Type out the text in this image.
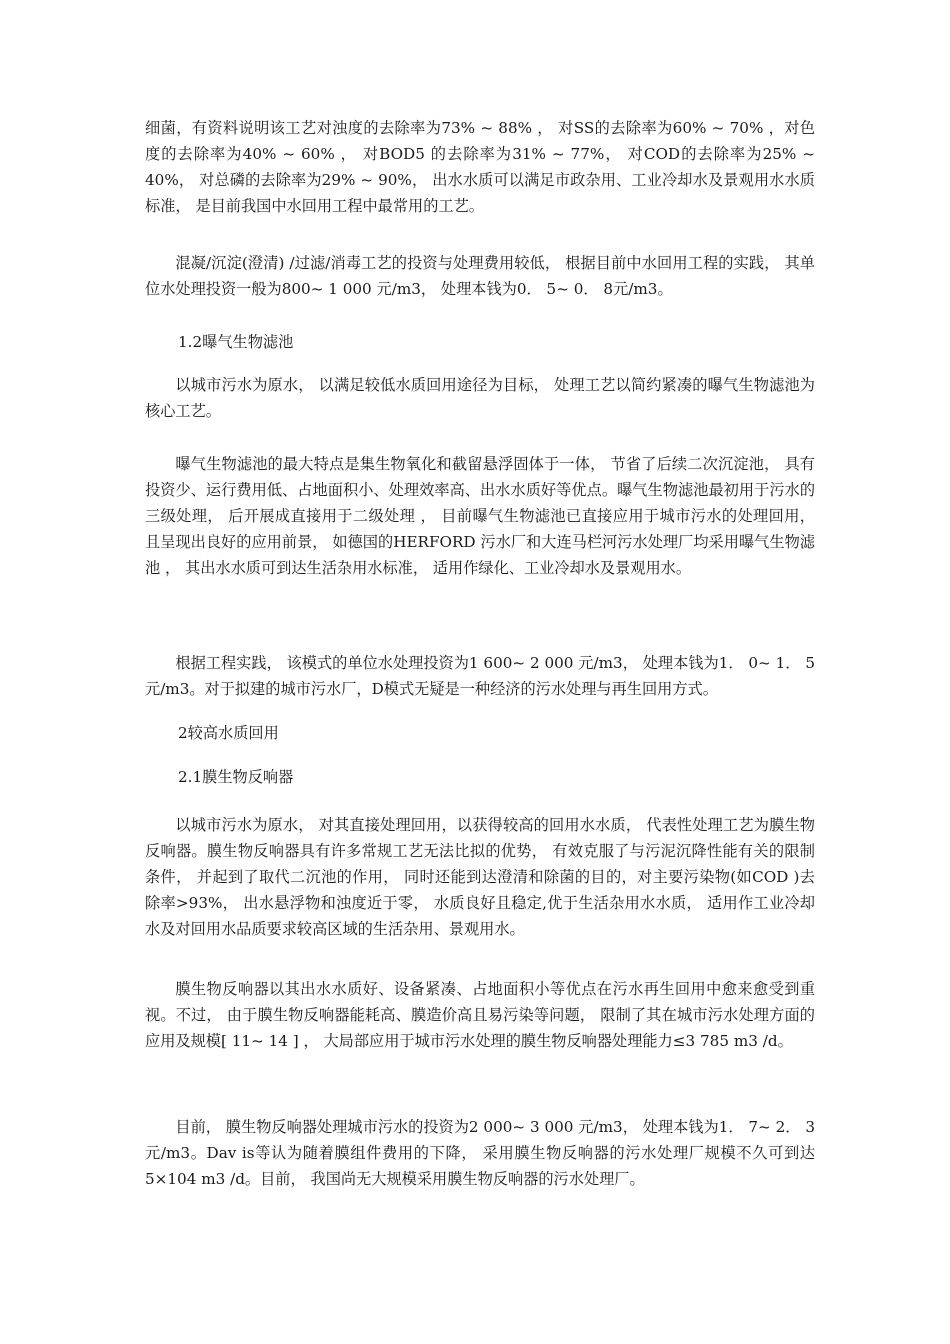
细菌，有资料说明该工艺对浊度的去除率为73% ~ 88% ， 对SS的去除率为60% ~ 70% ，对色度的去除率为40% ~ 60% ， 对BOD5 的去除率为31% ~ 77%， 对COD的去除率为25% ~ 40%， 对总磷的去除率为29% ~ 90%， 出水水质可以满足市政杂用、工业冷却水及景观用水水质标准， 是目前我国中水回用工程中最常用的工艺。

混凝/沉淀(澄清) /过滤/消毒工艺的投资与处理费用较低， 根据目前中水回用工程的实践， 其单位水处理投资一般为800~ 1 000 元/m3， 处理本钱为0． 5~ 0． 8元/m3。

1.2曝气生物滤池

以城市污水为原水， 以满足较低水质回用途径为目标， 处理工艺以简约紧凑的曝气生物滤池为核心工艺。

曝气生物滤池的最大特点是集生物氧化和截留悬浮固体于一体， 节省了后续二次沉淀池， 具有投资少、运行费用低、占地面积小、处理效率高、出水水质好等优点。曝气生物滤池最初用于污水的三级处理， 后开展成直接用于二级处理 ， 目前曝气生物滤池已直接应用于城市污水的处理回用， 且呈现出良好的应用前景， 如德国的HERFORD 污水厂和大连马栏河污水处理厂均采用曝气生物滤池 ， 其出水水质可到达生活杂用水标准， 适用作绿化、工业冷却水及景观用水。

根据工程实践， 该模式的单位水处理投资为1 600~ 2 000 元/m3， 处理本钱为1． 0~ 1． 5 元/m3。对于拟建的城市污水厂，D模式无疑是一种经济的污水处理与再生回用方式。

2较高水质回用

2.1膜生物反响器

以城市污水为原水， 对其直接处理回用，以获得较高的回用水水质， 代表性处理工艺为膜生物反响器。膜生物反响器具有许多常规工艺无法比拟的优势， 有效克服了与污泥沉降性能有关的限制条件， 并起到了取代二沉池的作用， 同时还能到达澄清和除菌的目的，对主要污染物(如COD )去除率>93%， 出水悬浮物和浊度近于零， 水质良好且稳定,优于生活杂用水水质， 适用作工业冷却水及对回用水品质要求较高区域的生活杂用、景观用水。

膜生物反响器以其出水水质好、设备紧凑、占地面积小等优点在污水再生回用中愈来愈受到重视。不过， 由于膜生物反响器能耗高、膜造价高且易污染等问题， 限制了其在城市污水处理方面的应用及规模[ 11~ 14 ] ， 大局部应用于城市污水处理的膜生物反响器处理能力≤3 785 m3 /d。

目前， 膜生物反响器处理城市污水的投资为2 000~ 3 000 元/m3， 处理本钱为1． 7~ 2． 3 元/m3。Dav is等认为随着膜组件费用的下降， 采用膜生物反响器的污水处理厂规模不久可到达5×104 m3 /d。目前， 我国尚无大规模采用膜生物反响器的污水处理厂。
